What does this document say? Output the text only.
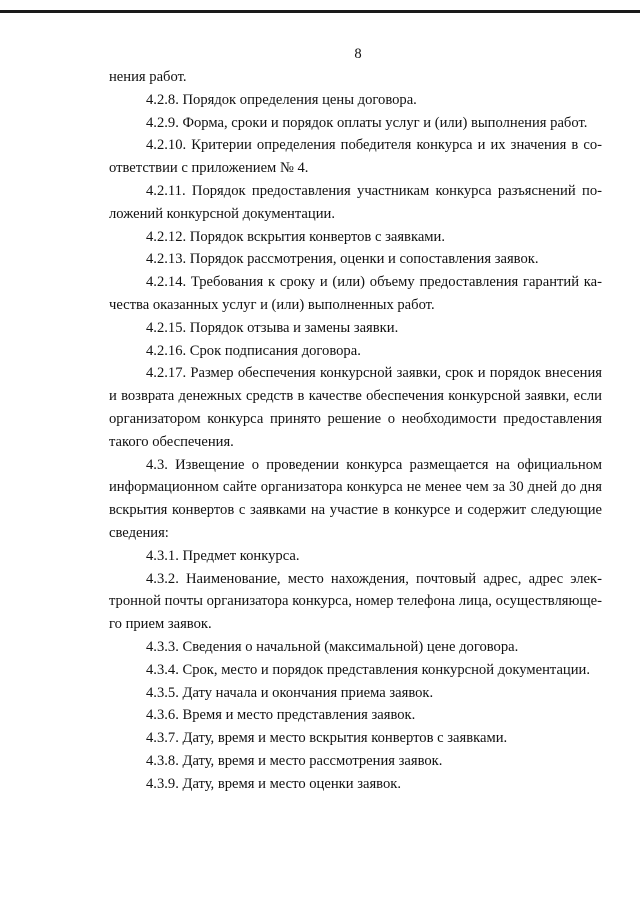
8

нения работ.

4.2.8. Порядок определения цены договора.

4.2.9. Форма, сроки и порядок оплаты услуг и (или) выполнения работ.

4.2.10. Критерии определения победителя конкурса и их значения в соответствии с приложением № 4.

4.2.11. Порядок предоставления участникам конкурса разъяснений положений конкурсной документации.

4.2.12. Порядок вскрытия конвертов с заявками.

4.2.13. Порядок рассмотрения, оценки и сопоставления заявок.

4.2.14. Требования к сроку и (или) объему предоставления гарантий качества оказанных услуг и (или) выполненных работ.

4.2.15. Порядок отзыва и замены заявки.

4.2.16. Срок подписания договора.

4.2.17. Размер обеспечения конкурсной заявки, срок и порядок внесения и возврата денежных средств в качестве обеспечения конкурсной заявки, если организатором конкурса принято решение о необходимости предоставления такого обеспечения.

4.3. Извещение о проведении конкурса размещается на официальном информационном сайте организатора конкурса не менее чем за 30 дней до дня вскрытия конвертов с заявками на участие в конкурсе и содержит следующие сведения:

4.3.1. Предмет конкурса.

4.3.2. Наименование, место нахождения, почтовый адрес, адрес электронной почты организатора конкурса, номер телефона лица, осуществляющего прием заявок.

4.3.3. Сведения о начальной (максимальной) цене договора.

4.3.4. Срок, место и порядок представления конкурсной документации.

4.3.5. Дату начала и окончания приема заявок.

4.3.6. Время и место представления заявок.

4.3.7. Дату, время и место вскрытия конвертов с заявками.

4.3.8. Дату, время и место рассмотрения заявок.

4.3.9. Дату, время и место оценки заявок.
